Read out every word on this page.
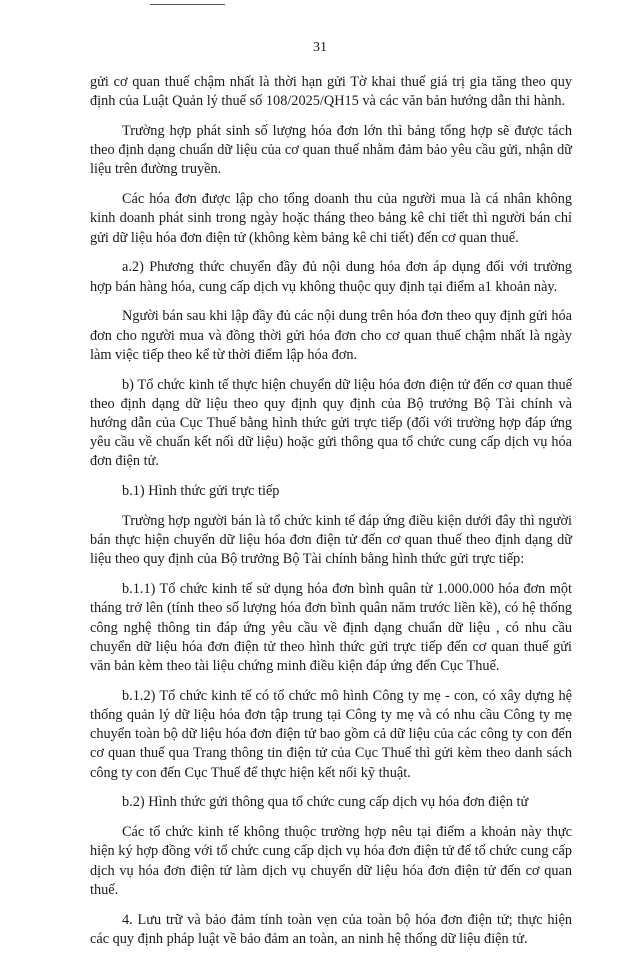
31

gửi cơ quan thuế chậm nhất là thời hạn gửi Tờ khai thuế giá trị gia tăng theo quy định của Luật Quản lý thuế số 108/2025/QH15 và các văn bản hướng dẫn thi hành.

Trường hợp phát sinh số lượng hóa đơn lớn thì bảng tổng hợp sẽ được tách theo định dạng chuẩn dữ liệu của cơ quan thuế nhằm đảm bảo yêu cầu gửi, nhận dữ liệu trên đường truyền.

Các hóa đơn được lập cho tổng doanh thu của người mua là cá nhân không kinh doanh phát sinh trong ngày hoặc tháng theo bảng kê chi tiết thì người bán chỉ gửi dữ liệu hóa đơn điện tử (không kèm bảng kê chi tiết) đến cơ quan thuế.

a.2) Phương thức chuyển đầy đủ nội dung hóa đơn áp dụng đối với trường hợp bán hàng hóa, cung cấp dịch vụ không thuộc quy định tại điểm a1 khoản này.

Người bán sau khi lập đầy đủ các nội dung trên hóa đơn theo quy định gửi hóa đơn cho người mua và đồng thời gửi hóa đơn cho cơ quan thuế chậm nhất là ngày làm việc tiếp theo kể từ thời điểm lập hóa đơn.

b) Tổ chức kinh tế thực hiện chuyển dữ liệu hóa đơn điện tử đến cơ quan thuế theo định dạng dữ liệu theo quy định quy định của Bộ trưởng Bộ Tài chính và hướng dẫn của Cục Thuế bằng hình thức gửi trực tiếp (đối với trường hợp đáp ứng yêu cầu về chuẩn kết nối dữ liệu) hoặc gửi thông qua tổ chức cung cấp dịch vụ hóa đơn điện tử.

b.1) Hình thức gửi trực tiếp

Trường hợp người bán là tổ chức kinh tế đáp ứng điều kiện dưới đây thì người bán thực hiện chuyển dữ liệu hóa đơn điện tử đến cơ quan thuế theo định dạng dữ liệu theo quy định của Bộ trưởng Bộ Tài chính bằng hình thức gửi trực tiếp:

b.1.1) Tổ chức kinh tế sử dụng hóa đơn bình quân từ 1.000.000 hóa đơn một tháng trở lên (tính theo số lượng hóa đơn bình quân năm trước liền kề), có hệ thống công nghệ thông tin đáp ứng yêu cầu về định dạng chuẩn dữ liệu , có nhu cầu chuyển dữ liệu hóa đơn điện tử theo hình thức gửi trực tiếp đến cơ quan thuế gửi văn bản kèm theo tài liệu chứng minh điều kiện đáp ứng đến Cục Thuế.

b.1.2) Tổ chức kinh tế có tổ chức mô hình Công ty mẹ - con, có xây dựng hệ thống quản lý dữ liệu hóa đơn tập trung tại Công ty mẹ và có nhu cầu Công ty mẹ chuyển toàn bộ dữ liệu hóa đơn điện tử bao gồm cả dữ liệu của các công ty con đến cơ quan thuế qua Trang thông tin điện tử của Cục Thuế thì gửi kèm theo danh sách công ty con đến Cục Thuế để thực hiện kết nối kỹ thuật.

b.2) Hình thức gửi thông qua tổ chức cung cấp dịch vụ hóa đơn điện tử

Các tổ chức kinh tế không thuộc trường hợp nêu tại điểm a khoản này thực hiện ký hợp đồng với tổ chức cung cấp dịch vụ hóa đơn điện tử để tổ chức cung cấp dịch vụ hóa đơn điện tử làm dịch vụ chuyển dữ liệu hóa đơn điện tử đến cơ quan thuế.

4. Lưu trữ và bảo đảm tính toàn vẹn của toàn bộ hóa đơn điện tử; thực hiện các quy định pháp luật về bảo đảm an toàn, an ninh hệ thống dữ liệu điện tử.
